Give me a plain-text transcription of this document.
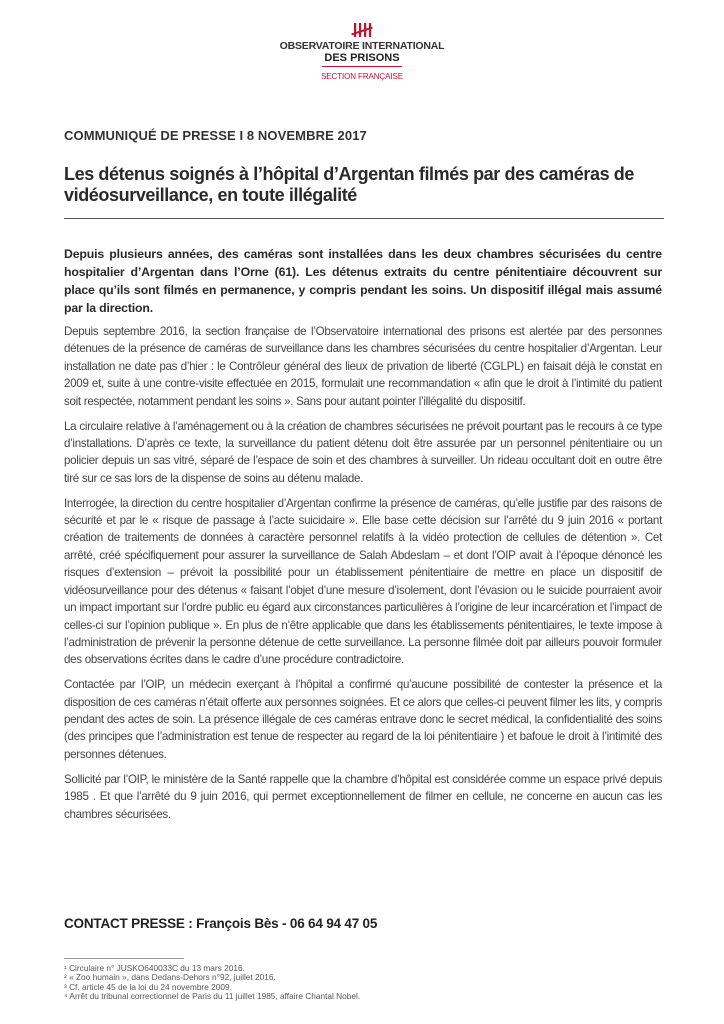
OBSERVATOIRE INTERNATIONAL
DES PRISONS
SECTION FRANÇAISE
COMMUNIQUÉ DE PRESSE I 8 NOVEMBRE 2017
Les détenus soignés à l’hôpital d’Argentan filmés par des caméras de vidéosurveillance, en toute illégalité
Depuis plusieurs années, des caméras sont installées dans les deux chambres sécurisées du centre hospitalier d’Argentan dans l’Orne (61). Les détenus extraits du centre pénitentiaire découvrent sur place qu’ils sont filmés en permanence, y compris pendant les soins. Un dispositif illégal mais assumé par la direction.

Depuis septembre 2016, la section française de l’Observatoire international des prisons est alertée par des personnes détenues de la présence de caméras de surveillance dans les chambres sécurisées du centre hospitalier d’Argentan. Leur installation ne date pas d’hier : le Contrôleur général des lieux de privation de liberté (CGLPL) en faisait déjà le constat en 2009 et, suite à une contre-visite effectuée en 2015, formulait une recommandation « afin que le droit à l’intimité du patient soit respectée, notamment pendant les soins ». Sans pour autant pointer l’illégalité du dispositif.

La circulaire relative à l’aménagement ou à la création de chambres sécurisées ne prévoit pourtant pas le recours à ce type d’installations. D’après ce texte, la surveillance du patient détenu doit être assurée par un personnel pénitentiaire ou un policier depuis un sas vitré, séparé de l’espace de soin et des chambres à surveiller. Un rideau occultant doit en outre être tiré sur ce sas lors de la dispense de soins au détenu malade.

Interrogée, la direction du centre hospitalier d’Argentan confirme la présence de caméras, qu’elle justifie par des raisons de sécurité et par le « risque de passage à l’acte suicidaire ». Elle base cette décision sur l’arrêté du 9 juin 2016 « portant création de traitements de données à caractère personnel relatifs à la vidéo protection de cellules de détention ». Cet arrêté, créé spécifiquement pour assurer la surveillance de Salah Abdeslam – et dont l’OIP avait à l’époque dénoncé les risques d’extension – prévoit la possibilité pour un établissement pénitentiaire de mettre en place un dispositif de vidéosurveillance pour des détenus « faisant l’objet d’une mesure d’isolement, dont l’évasion ou le suicide pourraient avoir un impact important sur l’ordre public eu égard aux circonstances particulières à l’origine de leur incarcération et l’impact de celles-ci sur l’opinion publique ». En plus de n’être applicable que dans les établissements pénitentiaires, le texte impose à l’administration de prévenir la personne détenue de cette surveillance. La personne filmée doit par ailleurs pouvoir formuler des observations écrites dans le cadre d’une procédure contradictoire.

Contactée par l’OIP, un médecin exerçant à l’hôpital a confirmé qu’aucune possibilité de contester la présence et la disposition de ces caméras n’était offerte aux personnes soignées. Et ce alors que celles-ci peuvent filmer les lits, y compris pendant des actes de soin. La présence illégale de ces caméras entrave donc le secret médical, la confidentialité des soins (des principes que l’administration est tenue de respecter au regard de la loi pénitentiaire ) et bafoue le droit à l’intimité des personnes détenues.

Sollicité par l’OIP, le ministère de la Santé rappelle que la chambre d’hôpital est considérée comme un espace privé depuis 1985 . Et que l’arrêté du 9 juin 2016, qui permet exceptionnellement de filmer en cellule, ne concerne en aucun cas les chambres sécurisées.

CONTACT PRESSE : François Bès - 06 64 94 47 05
¹ Circulaire n° JUSKO640033C du 13 mars 2016.
² « Zoo humain », dans Dedans-Dehors n°92, juillet 2016.
³ Cf. article 45 de la loi du 24 novembre 2009.
⁴ Arrêt du tribunal correctionnel de Paris du 11 juillet 1985, affaire Chantal Nobel.
